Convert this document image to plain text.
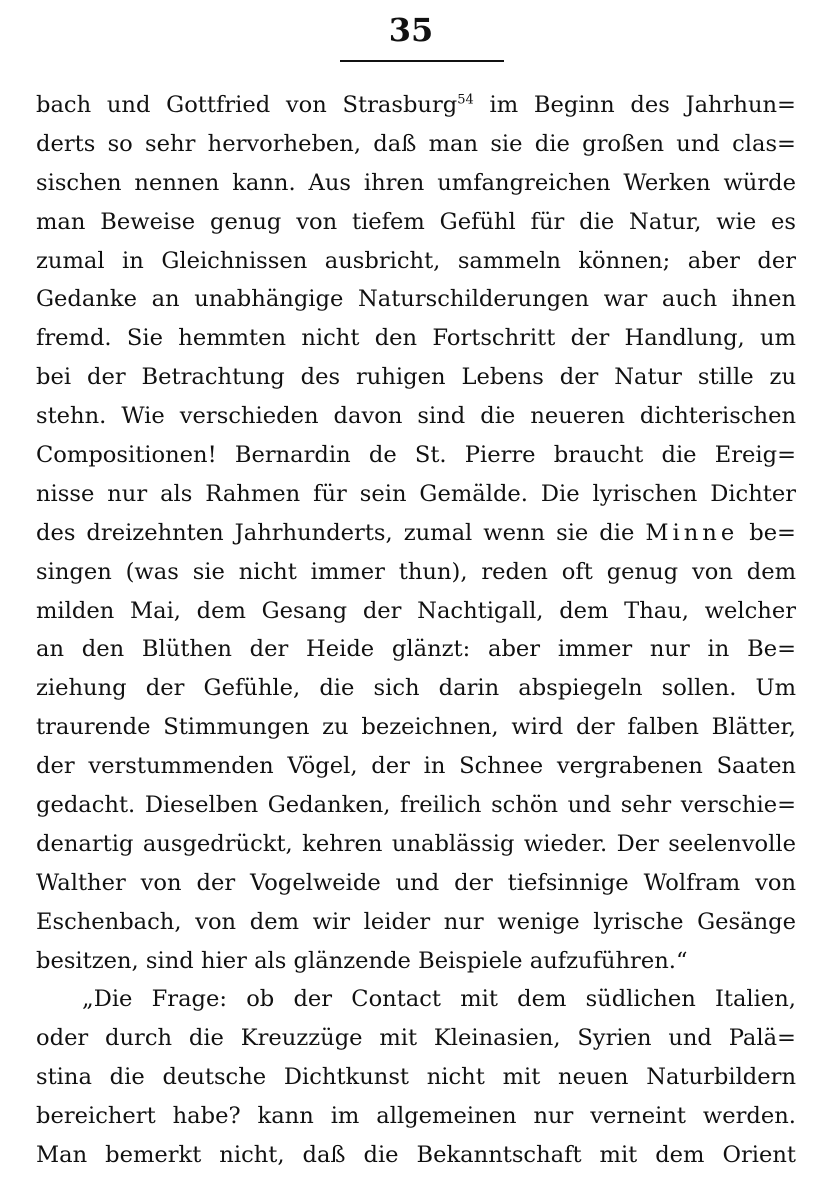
35
bach und Gottfried von Strasburg$^{54}$ im Beginn des Jahrhun=
derts so sehr hervorheben, daß man sie die großen und clas=
sischen nennen kann. Aus ihren umfangreichen Werken würde
man Beweise genug von tiefem Gefühl für die Natur, wie es
zumal in Gleichnissen ausbricht, sammeln können; aber der
Gedanke an unabhängige Naturschilderungen war auch ihnen
fremd. Sie hemmten nicht den Fortschritt der Handlung, um
bei der Betrachtung des ruhigen Lebens der Natur stille zu
stehn. Wie verschieden davon sind die neueren dichterischen
Compositionen! Bernardin de St. Pierre braucht die Ereig=
nisse nur als Rahmen für sein Gemälde. Die lyrischen Dichter
des dreizehnten Jahrhunderts, zumal wenn sie die Minne be=
singen (was sie nicht immer thun), reden oft genug von dem
milden Mai, dem Gesang der Nachtigall, dem Thau, welcher
an den Blüthen der Heide glänzt: aber immer nur in Be=
ziehung der Gefühle, die sich darin abspiegeln sollen. Um
traurende Stimmungen zu bezeichnen, wird der falben Blätter,
der verstummenden Vögel, der in Schnee vergrabenen Saaten
gedacht. Dieselben Gedanken, freilich schön und sehr verschie=
denartig ausgedrückt, kehren unablässig wieder. Der seelenvolle
Walther von der Vogelweide und der tiefsinnige Wolfram von
Eschenbach, von dem wir leider nur wenige lyrische Gesänge
besitzen, sind hier als glänzende Beispiele aufzuführen.“
„Die Frage: ob der Contact mit dem südlichen Italien,
oder durch die Kreuzzüge mit Kleinasien, Syrien und Palä=
stina die deutsche Dichtkunst nicht mit neuen Naturbildern
bereichert habe? kann im allgemeinen nur verneint werden.
Man bemerkt nicht, daß die Bekanntschaft mit dem Orient
